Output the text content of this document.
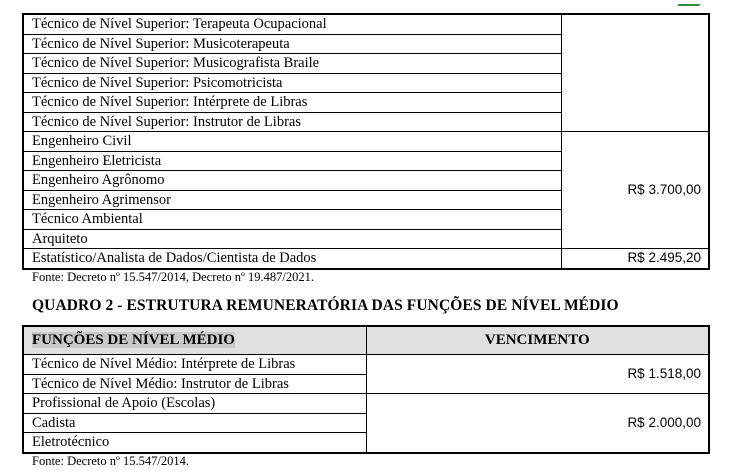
Técnico de Nível Superior: Terapeuta Ocupacional	
Técnico de Nível Superior: Musicoterapeuta	
Técnico de Nível Superior: Musicografista Braile	
Técnico de Nível Superior: Psicomotricista	
Técnico de Nível Superior: Intérprete de Libras	
Técnico de Nível Superior: Instrutor de Libras	
Engenheiro Civil	R$ 3.700,00
Engenheiro Eletricista	
Engenheiro Agrônomo	
Engenheiro Agrimensor	
Técnico Ambiental	
Arquiteto	
Estatístico/Analista de Dados/Cientista de Dados	R$ 2.495,20
Fonte: Decreto nº 15.547/2014, Decreto nº 19.487/2021.
QUADRO 2 - ESTRUTURA REMUNERATÓRIA DAS FUNÇÕES DE NÍVEL MÉDIO
FUNÇÕES DE NÍVEL MÉDIO	VENCIMENTO
Técnico de Nível Médio: Intérprete de Libras	R$ 1.518,00
Técnico de Nível Médio: Instrutor de Libras	
Profissional de Apoio (Escolas)	R$ 2.000,00
Cadista	
Eletrotécnico	
Fonte: Decreto nº 15.547/2014.
